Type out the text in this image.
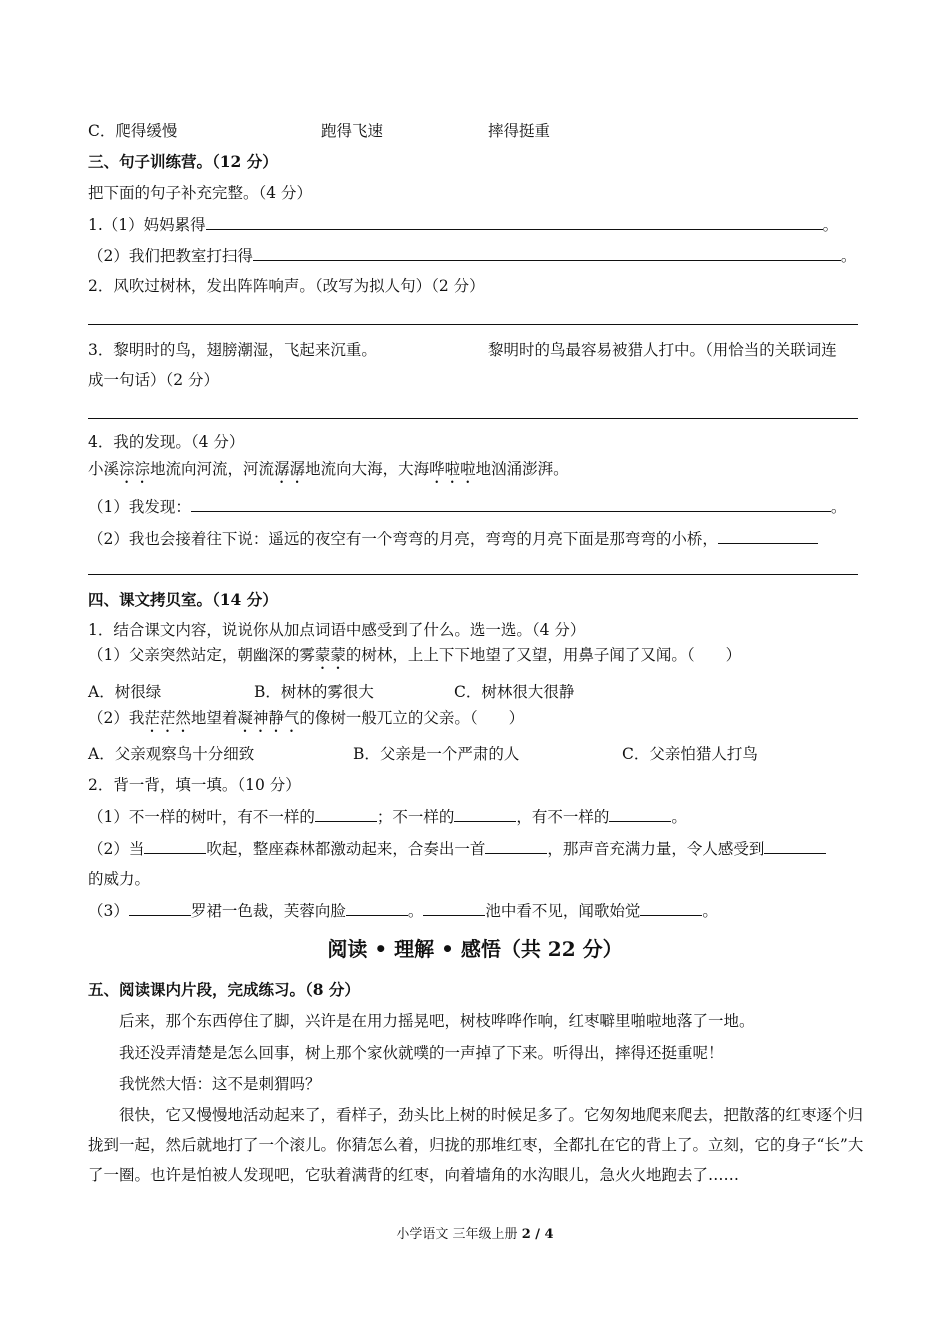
C．爬得缓慢	跑得飞速	摔得挺重
三、句子训练营。（12 分）
把下面的句子补充完整。（4 分）
1.（1）妈妈累得	。
（2）我们把教室打扫得	。
2．风吹过树林，发出阵阵响声。（改写为拟人句）（2 分）
3．黎明时的鸟，翅膀潮湿，飞起来沉重。	黎明时的鸟最容易被猎人打中。（用恰当的关联词连
成一句话）（2 分）
4．我的发现。（4 分）
小溪淙淙地流向河流，河流潺潺地流向大海，大海哗啦啦地汹涌澎湃。
（1）我发现：	。
（2）我也会接着往下说：遥远的夜空有一个弯弯的月亮，弯弯的月亮下面是那弯弯的小桥，
四、课文拷贝室。（14 分）
1．结合课文内容，说说你从加点词语中感受到了什么。选一选。（4 分）
（1）父亲突然站定，朝幽深的雾蒙蒙的树林，上上下下地望了又望，用鼻子闻了又闻。（　　）
A．树很绿	B．树林的雾很大	C．树林很大很静
（2）我茫茫然地望着凝神静气的像树一般兀立的父亲。（　　）
A．父亲观察鸟十分细致	B．父亲是一个严肃的人	C．父亲怕猎人打鸟
2．背一背，填一填。（10 分）
（1）不一样的树叶，有不一样的	；不一样的	，有不一样的	。
（2）当	吹起，整座森林都激动起来，合奏出一首	，那声音充满力量，令人感受到
的威力。
（3）	罗裙一色裁，芙蓉向脸	。	池中看不见，闻歌始觉	。
阅读 • 理解 • 感悟（共 22 分）
五、阅读课内片段，完成练习。（8 分）
后来，那个东西停住了脚，兴许是在用力摇晃吧，树枝哗哗作响，红枣噼里啪啦地落了一地。
我还没弄清楚是怎么回事，树上那个家伙就噗的一声掉了下来。听得出，摔得还挺重呢！
我恍然大悟：这不是刺猬吗？
很快，它又慢慢地活动起来了，看样子，劲头比上树的时候足多了。它匆匆地爬来爬去，把散落的红枣逐个归拢到一起，然后就地打了一个滚儿。你猜怎么着，归拢的那堆红枣，全都扎在它的背上了。立刻，它的身子“长”大了一圈。也许是怕被人发现吧，它驮着满背的红枣，向着墙角的水沟眼儿，急火火地跑去了……
小学语文 三年级上册 2 / 4
